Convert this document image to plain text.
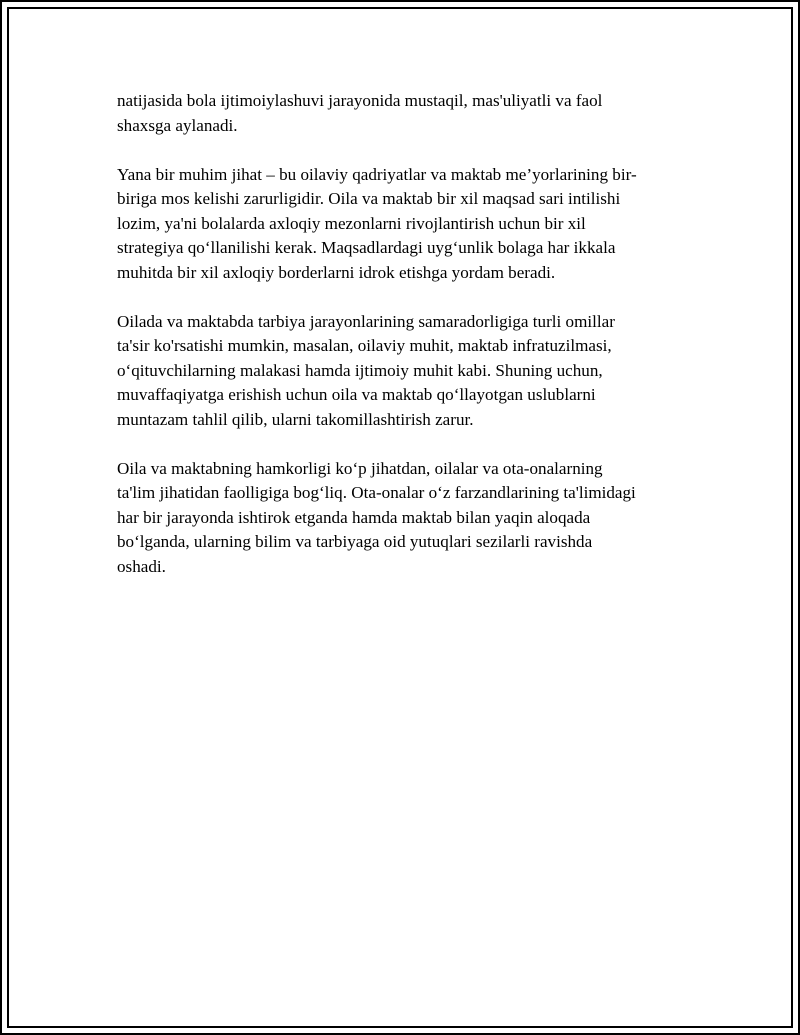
natijasida bola ijtimoiylashuvi jarayonida mustaqil, mas'uliyatli va faol
shaxsga aylanadi.

Yana bir muhim jihat – bu oilaviy qadriyatlar va maktab me’yorlarining bir-
biriga mos kelishi zarurligidir. Oila va maktab bir xil maqsad sari intilishi
lozim, ya'ni bolalarda axloqiy mezonlarni rivojlantirish uchun bir xil
strategiya qo‘llanilishi kerak. Maqsadlardagi uyg‘unlik bolaga har ikkala
muhitda bir xil axloqiy borderlarni idrok etishga yordam beradi.

Oilada va maktabda tarbiya jarayonlarining samaradorligiga turli omillar
ta'sir ko'rsatishi mumkin, masalan, oilaviy muhit, maktab infratuzilmasi,
o‘qituvchilarning malakasi hamda ijtimoiy muhit kabi. Shuning uchun,
muvaffaqiyatga erishish uchun oila va maktab qo‘llayotgan uslublarni
muntazam tahlil qilib, ularni takomillashtirish zarur.

Oila va maktabning hamkorligi ko‘p jihatdan, oilalar va ota-onalarning
ta'lim jihatidan faolligiga bog‘liq. Ota-onalar o‘z farzandlarining ta'limidagi
har bir jarayonda ishtirok etganda hamda maktab bilan yaqin aloqada
bo‘lganda, ularning bilim va tarbiyaga oid yutuqlari sezilarli ravishda
oshadi.
